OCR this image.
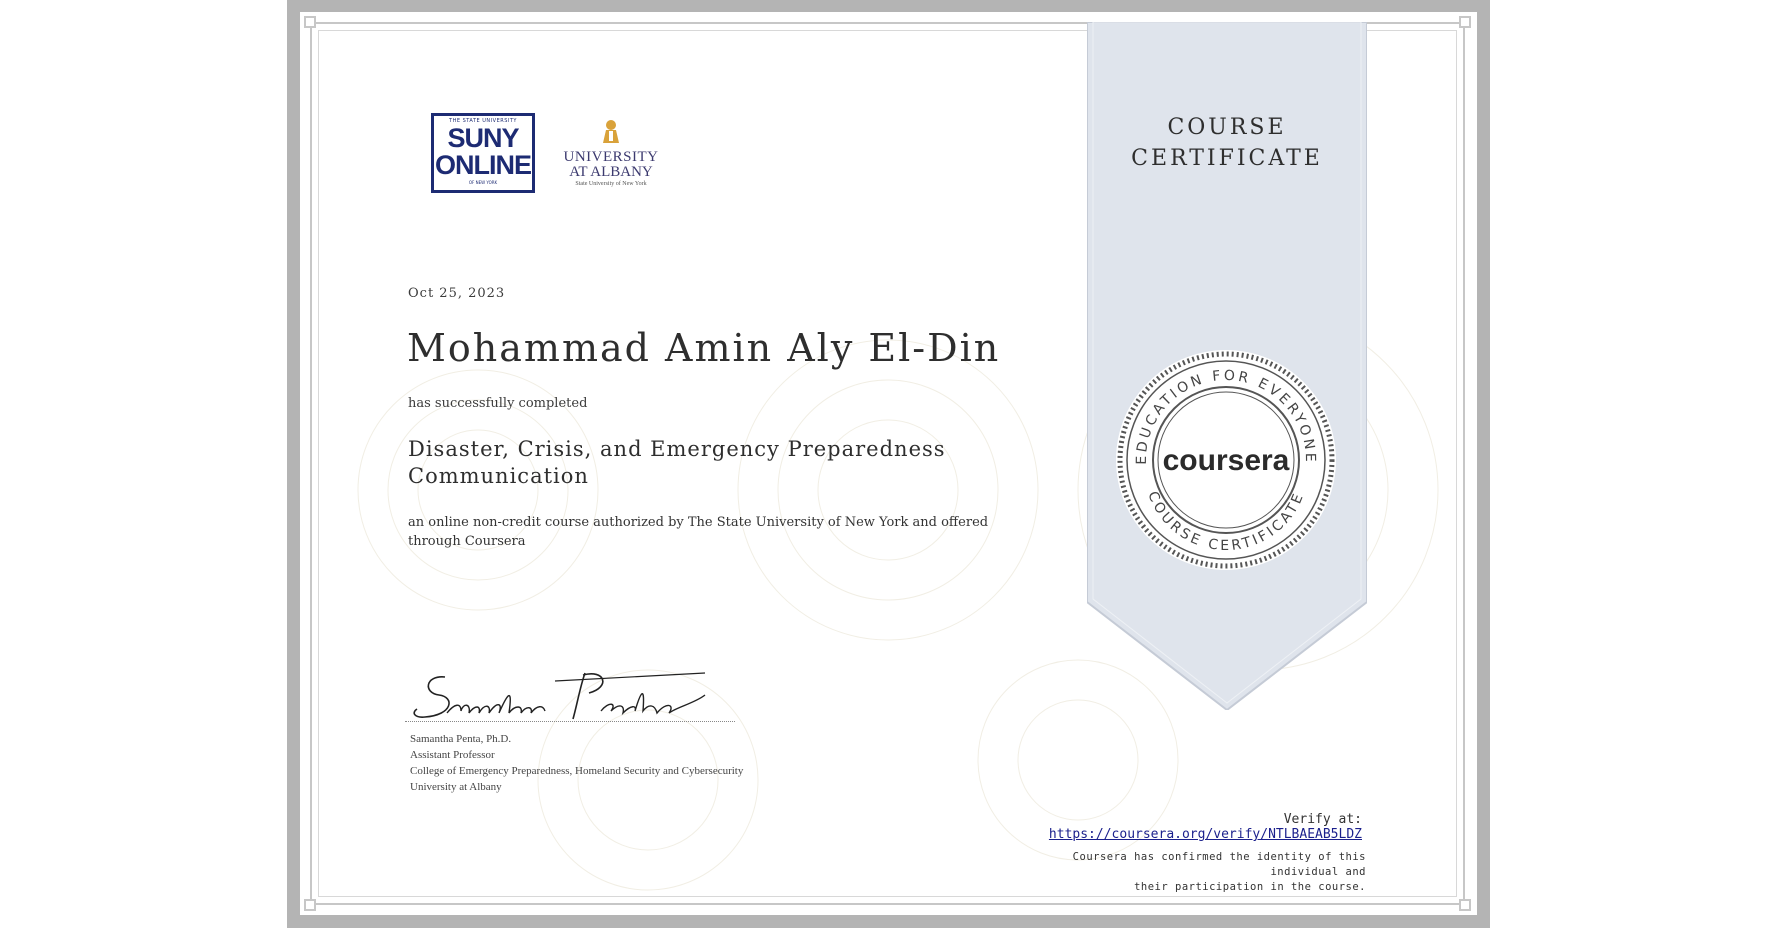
COURSE
CERTIFICATE
EDUCATION FOR EVERYONE
COURSE CERTIFICATE
coursera
THE STATE UNIVERSITY
SUNY
ONLINE
OF NEW YORK
UNIVERSITY
AT ALBANY
State University of New York
Oct 25, 2023
Mohammad Amin Aly El-Din
has successfully completed
Disaster, Crisis, and Emergency Preparedness
Communication
an online non-credit course authorized by The State University of New York and offered
through Coursera
Samantha Penta, Ph.D.
Assistant Professor
College of Emergency Preparedness, Homeland Security and Cybersecurity
University at Albany
Verify at:
https://coursera.org/verify/NTLBAEAB5LDZ
Coursera has confirmed the identity of this individual and
their participation in the course.
